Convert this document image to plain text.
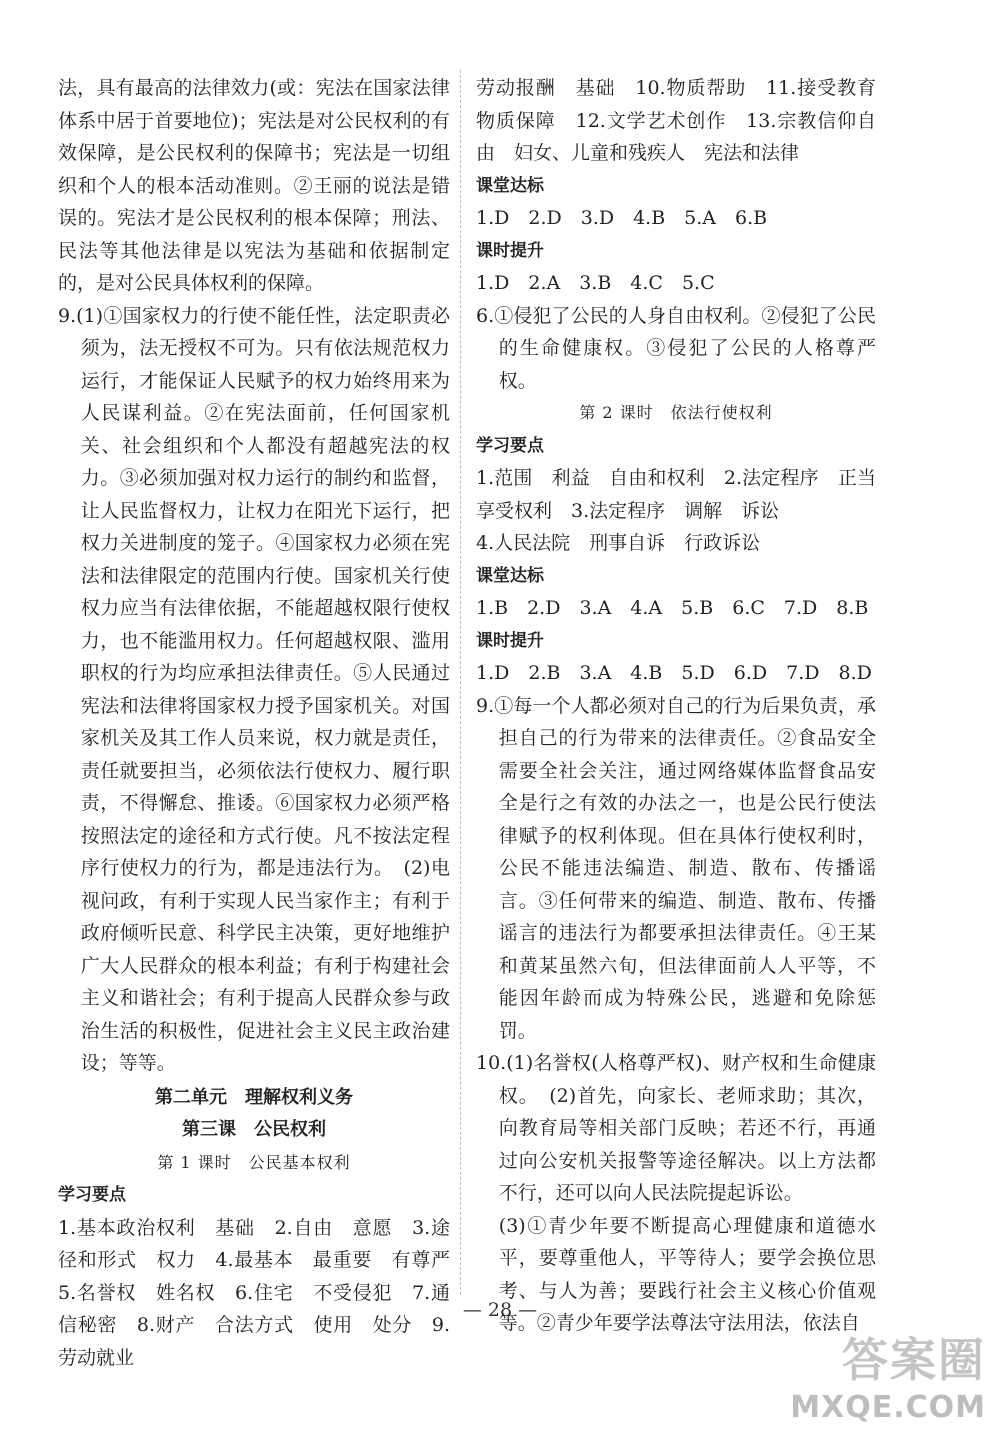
法，具有最高的法律效力(或：宪法在国家法律体系中居于首要地位)；宪法是对公民权利的有效保障，是公民权利的保障书；宪法是一切组织和个人的根本活动准则。②王丽的说法是错误的。宪法才是公民权利的根本保障；刑法、民法等其他法律是以宪法为基础和依据制定的，是对公民具体权利的保障。

9.(1)①国家权力的行使不能任性，法定职责必须为，法无授权不可为。只有依法规范权力运行，才能保证人民赋予的权力始终用来为人民谋利益。②在宪法面前，任何国家机关、社会组织和个人都没有超越宪法的权力。③必须加强对权力运行的制约和监督，让人民监督权力，让权力在阳光下运行，把权力关进制度的笼子。④国家权力必须在宪法和法律限定的范围内行使。国家机关行使权力应当有法律依据，不能超越权限行使权力，也不能滥用权力。任何超越权限、滥用职权的行为均应承担法律责任。⑤人民通过宪法和法律将国家权力授予国家机关。对国家机关及其工作人员来说，权力就是责任，责任就要担当，必须依法行使权力、履行职责，不得懈怠、推诿。⑥国家权力必须严格按照法定的途径和方式行使。凡不按法定程序行使权力的行为，都是违法行为。　(2)电视问政，有利于实现人民当家作主；有利于政府倾听民意、科学民主决策，更好地维护广大人民群众的根本利益；有利于构建社会主义和谐社会；有利于提高人民群众参与政治生活的积极性，促进社会主义民主政治建设；等等。

第二单元　理解权利义务

第三课　公民权利

第 1 课时　公民基本权利

学习要点

1.基本政治权利　基础　2.自由　意愿　3.途径和形式　权力　4.最基本　最重要　有尊严　5.名誉权　姓名权　6.住宅　不受侵犯　7.通信秘密　8.财产　合法方式　使用　处分　9.劳动就业

劳动报酬　基础　10.物质帮助　11.接受教育　物质保障　12.文学艺术创作　13.宗教信仰自由　妇女、儿童和残疾人　宪法和法律

课堂达标

1.D　2.D　3.D　4.B　5.A　6.B

课时提升

1.D　2.A　3.B　4.C　5.C

6.①侵犯了公民的人身自由权利。②侵犯了公民的生命健康权。③侵犯了公民的人格尊严权。

第 2 课时　依法行使权利

学习要点

1.范围　利益　自由和权利　2.法定程序　正当　享受权利　3.法定程序　调解　诉讼

4.人民法院　刑事自诉　行政诉讼

课堂达标

1.B　2.D　3.A　4.A　5.B　6.C　7.D　8.B

课时提升

1.D　2.B　3.A　4.B　5.D　6.D　7.D　8.D

9.①每一个人都必须对自己的行为后果负责，承担自己的行为带来的法律责任。②食品安全需要全社会关注，通过网络媒体监督食品安全是行之有效的办法之一，也是公民行使法律赋予的权利体现。但在具体行使权利时，公民不能违法编造、制造、散布、传播谣言。③任何带来的编造、制造、散布、传播谣言的违法行为都要承担法律责任。④王某和黄某虽然六旬，但法律面前人人平等，不能因年龄而成为特殊公民，逃避和免除惩罚。

10.(1)名誉权(人格尊严权)、财产权和生命健康权。　(2)首先，向家长、老师求助；其次，向教育局等相关部门反映；若还不行，再通过向公安机关报警等途径解决。以上方法都不行，还可以向人民法院提起诉讼。

(3)①青少年要不断提高心理健康和道德水平，要尊重他人，平等待人；要学会换位思考、与人为善；要践行社会主义核心价值观等。②青少年要学法尊法守法用法，依法自

— 28 —
答案圈
MXQE.COM
